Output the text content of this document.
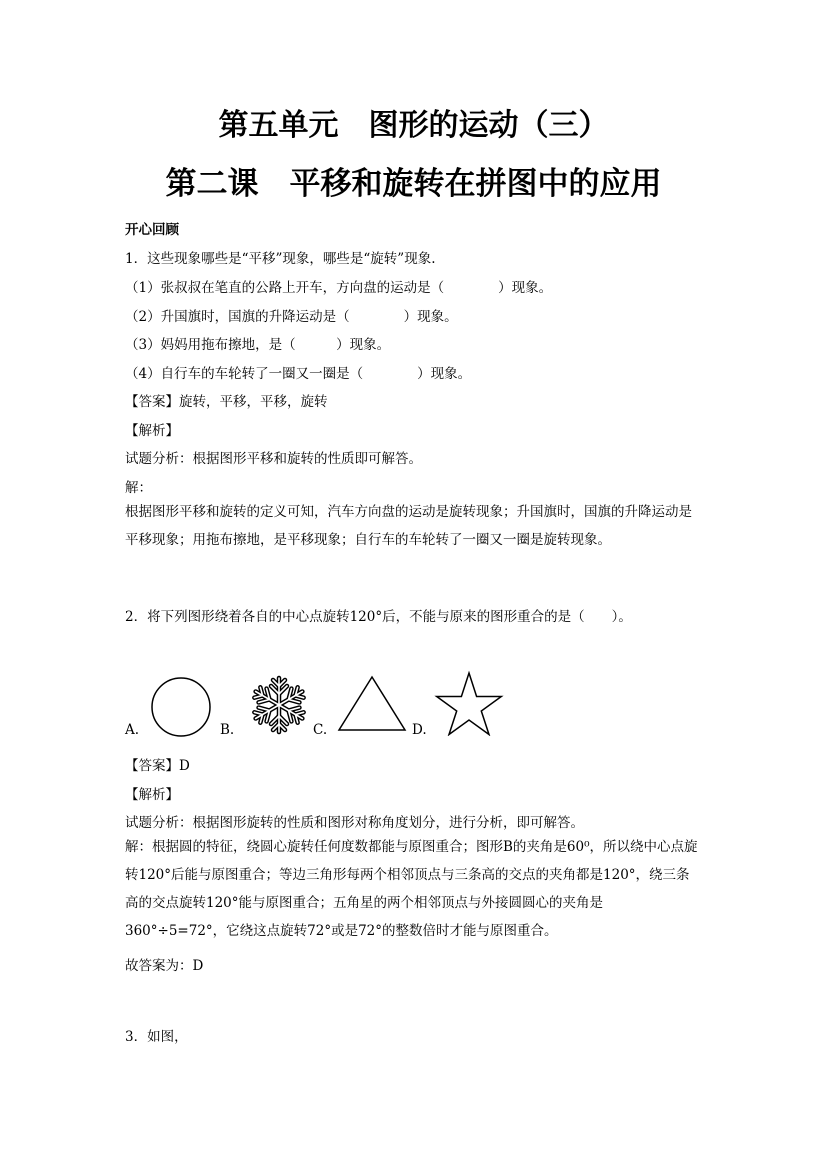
第五单元　图形的运动（三）
第二课　平移和旋转在拼图中的应用
开心回顾
1．这些现象哪些是“平移”现象，哪些是“旋转”现象.
（1）张叔叔在笔直的公路上开车，方向盘的运动是（　　　　）现象。
（2）升国旗时，国旗的升降运动是（　　　　）现象。
（3）妈妈用拖布擦地，是（　　　）现象。
（4）自行车的车轮转了一圈又一圈是（　　　　）现象。
【答案】旋转，平移，平移，旋转
【解析】
试题分析：根据图形平移和旋转的性质即可解答。
解：
根据图形平移和旋转的定义可知，汽车方向盘的运动是旋转现象；升国旗时，国旗的升降运动是平移现象；用拖布擦地，是平移现象；自行车的车轮转了一圈又一圈是旋转现象。
2．将下列图形绕着各自的中心点旋转120°后，不能与原来的图形重合的是（　　）。
A.	B.	C.	D.
【答案】D
【解析】
试题分析：根据图形旋转的性质和图形对称角度划分，进行分析，即可解答。
解：根据圆的特征，绕圆心旋转任何度数都能与原图重合；图形B的夹角是60⁰，所以绕中心点旋转120°后能与原图重合；等边三角形每两个相邻顶点与三条高的交点的夹角都是120°，绕三条高的交点旋转120°能与原图重合；五角星的两个相邻顶点与外接圆圆心的夹角是360°÷5=72°，它绕这点旋转72°或是72°的整数倍时才能与原图重合。
故答案为：D
3．如图，
